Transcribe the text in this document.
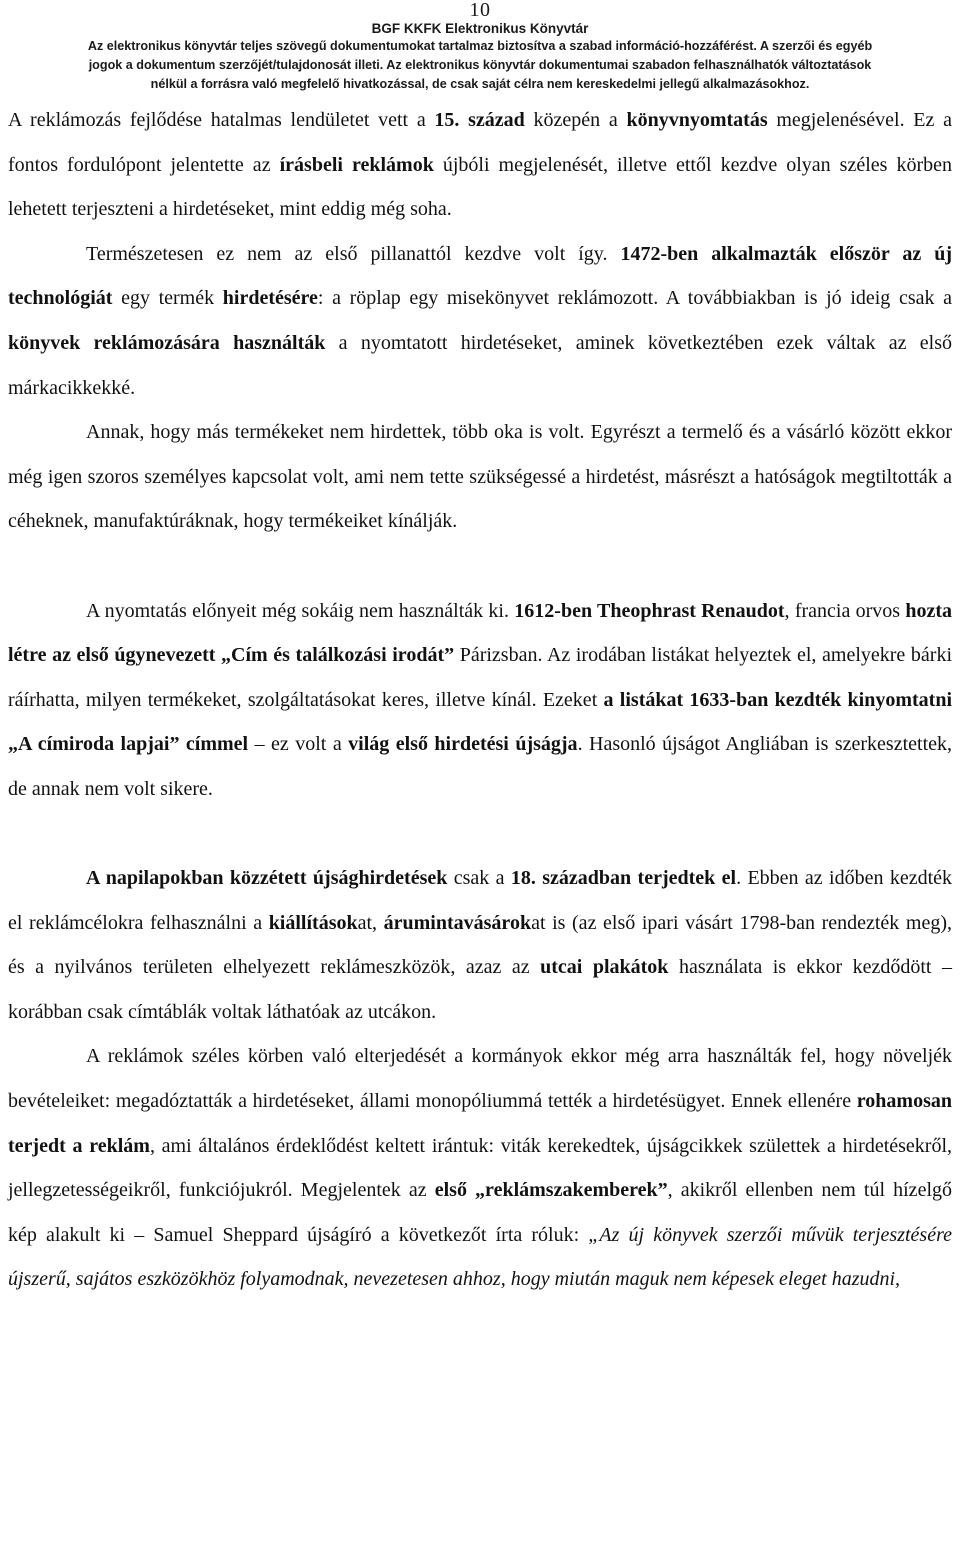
10
BGF KKFK Elektronikus Könyvtár
Az elektronikus könyvtár teljes szövegű dokumentumokat tartalmaz biztosítva a szabad információ-hozzáférést. A szerzői és egyéb
jogok a dokumentum szerzőjét/tulajdonosát illeti. Az elektronikus könyvtár dokumentumai szabadon felhasználhatók változtatások
nélkül a forrásra való megfelelő hivatkozással, de csak saját célra nem kereskedelmi jellegű alkalmazásokhoz.

A reklámozás fejlődése hatalmas lendületet vett a 15. század közepén a könyvnyomtatás megjelenésével. Ez a fontos fordulópont jelentette az írásbeli reklámok újbóli megjelenését, illetve ettől kezdve olyan széles körben lehetett terjeszteni a hirdetéseket, mint eddig még soha.

Természetesen ez nem az első pillanattól kezdve volt így. 1472-ben alkalmazták először az új technológiát egy termék hirdetésére: a röplap egy misekönyvet reklámozott. A továbbiakban is jó ideig csak a könyvek reklámozására használták a nyomtatott hirdetéseket, aminek következtében ezek váltak az első márkacikkekké.

Annak, hogy más termékeket nem hirdettek, több oka is volt. Egyrészt a termelő és a vásárló között ekkor még igen szoros személyes kapcsolat volt, ami nem tette szükségessé a hirdetést, másrészt a hatóságok megtiltották a céheknek, manufaktúráknak, hogy termékeiket kínálják.

A nyomtatás előnyeit még sokáig nem használták ki. 1612-ben Theophrast Renaudot, francia orvos hozta létre az első úgynevezett „Cím és találkozási irodát” Párizsban. Az irodában listákat helyeztek el, amelyekre bárki ráírhatta, milyen termékeket, szolgáltatásokat keres, illetve kínál. Ezeket a listákat 1633-ban kezdték kinyomtatni „A címiroda lapjai” címmel – ez volt a világ első hirdetési újságja. Hasonló újságot Angliában is szerkesztettek, de annak nem volt sikere.

A napilapokban közzétett újsághirdetések csak a 18. században terjedtek el. Ebben az időben kezdték el reklámcélokra felhasználni a kiállításokat, árumintavásárokat is (az első ipari vásárt 1798-ban rendezték meg), és a nyilvános területen elhelyezett reklámeszközök, azaz az utcai plakátok használata is ekkor kezdődött – korábban csak címtáblák voltak láthatóak az utcákon.

A reklámok széles körben való elterjedését a kormányok ekkor még arra használták fel, hogy növeljék bevételeiket: megadóztatták a hirdetéseket, állami monopóliummá tették a hirdetésügyet. Ennek ellenére rohamosan terjedt a reklám, ami általános érdeklődést keltett irántuk: viták kerekedtek, újságcikkek születtek a hirdetésekről, jellegzetességeikről, funkciójukról. Megjelentek az első „reklámszakemberek”, akikről ellenben nem túl hízelgő kép alakult ki – Samuel Sheppard újságíró a következőt írta róluk: „Az új könyvek szerzői művük terjesztésére újszerű, sajátos eszközökhöz folyamodnak, nevezetesen ahhoz, hogy miután maguk nem képesek eleget hazudni,
